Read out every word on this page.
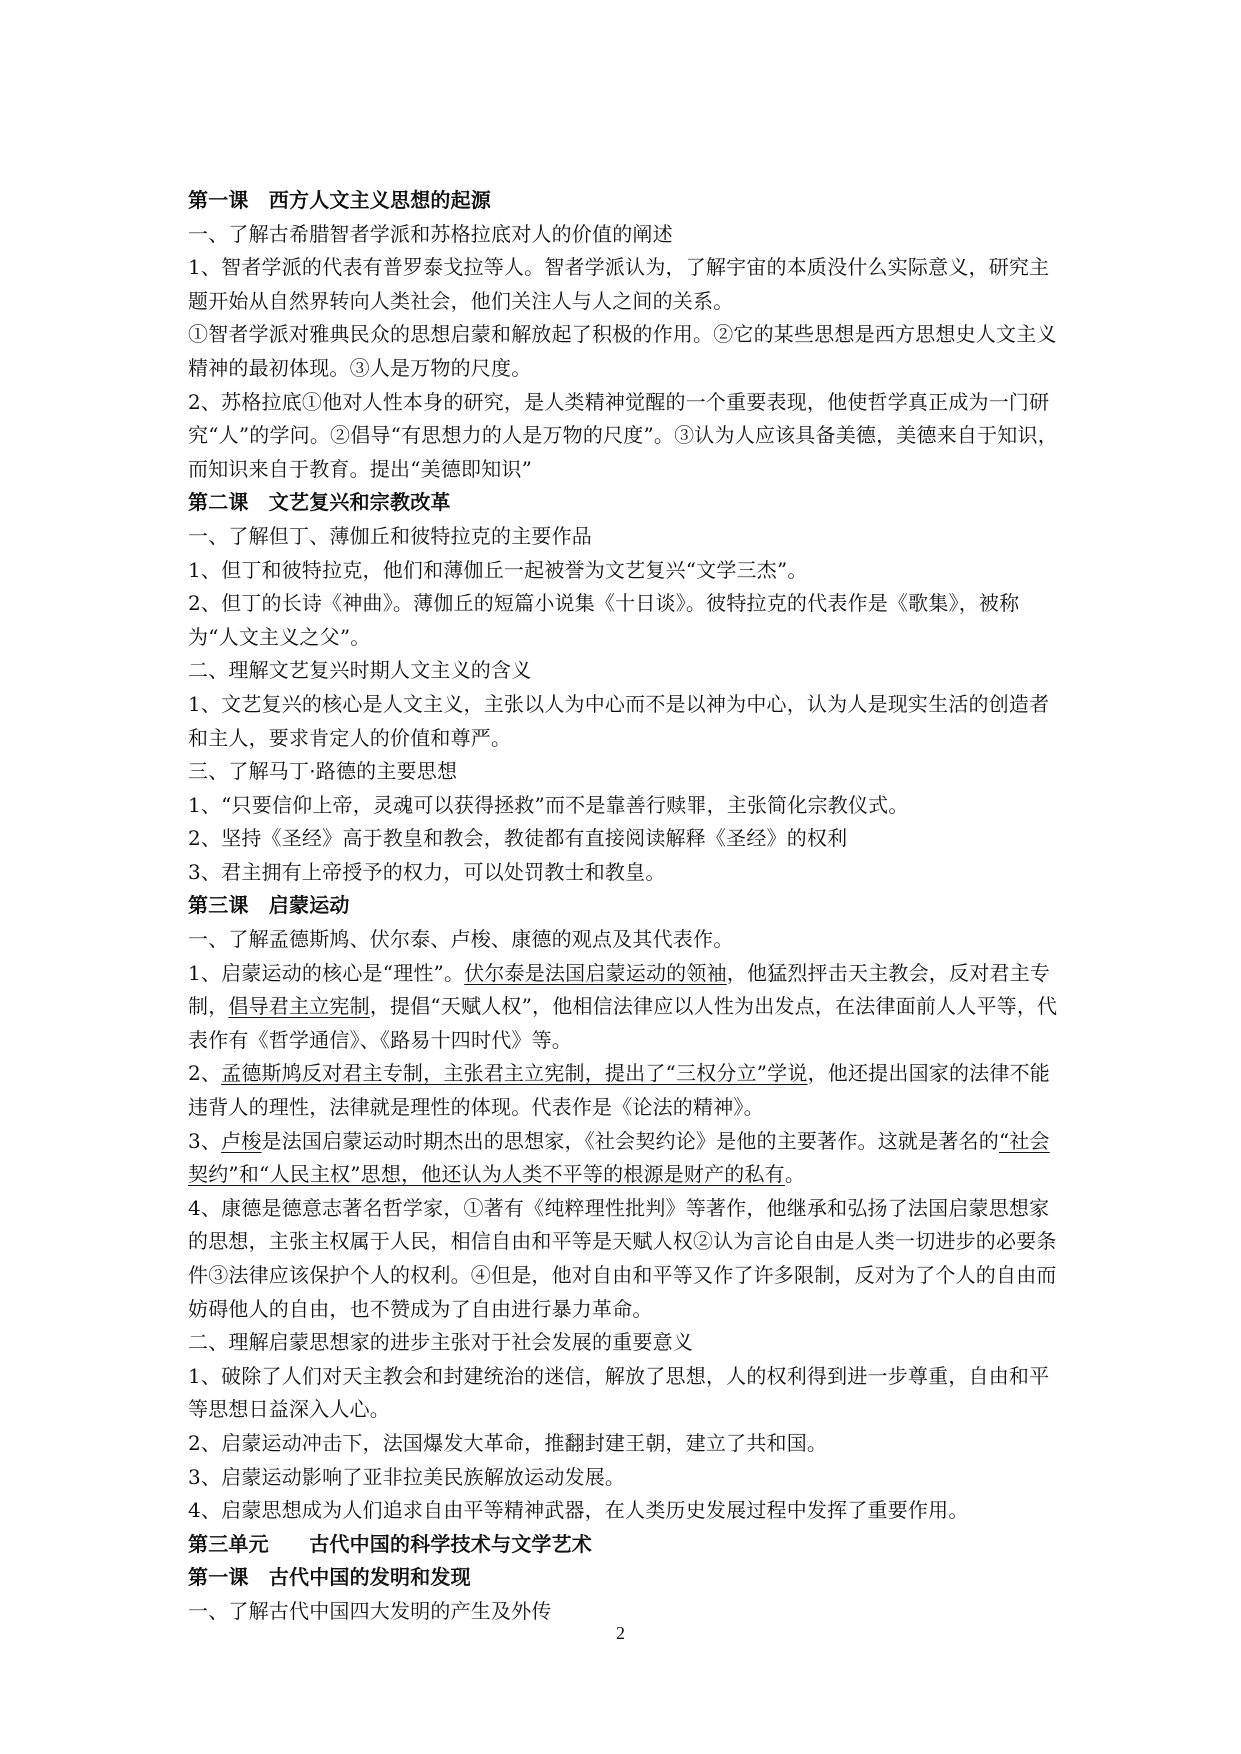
第一课　西方人文主义思想的起源
一、了解古希腊智者学派和苏格拉底对人的价值的阐述
1、智者学派的代表有普罗泰戈拉等人。智者学派认为，了解宇宙的本质没什么实际意义，研究主题开始从自然界转向人类社会，他们关注人与人之间的关系。
①智者学派对雅典民众的思想启蒙和解放起了积极的作用。②它的某些思想是西方思想史人文主义精神的最初体现。③人是万物的尺度。
2、苏格拉底①他对人性本身的研究，是人类精神觉醒的一个重要表现，他使哲学真正成为一门研究“人”的学问。②倡导“有思想力的人是万物的尺度”。③认为人应该具备美德，美德来自于知识，而知识来自于教育。提出“美德即知识”
第二课　文艺复兴和宗教改革
一、了解但丁、薄伽丘和彼特拉克的主要作品
1、但丁和彼特拉克，他们和薄伽丘一起被誉为文艺复兴“文学三杰”。
2、但丁的长诗《神曲》。薄伽丘的短篇小说集《十日谈》。彼特拉克的代表作是《歌集》，被称为“人文主义之父”。
二、理解文艺复兴时期人文主义的含义
1、文艺复兴的核心是人文主义，主张以人为中心而不是以神为中心，认为人是现实生活的创造者和主人，要求肯定人的价值和尊严。
三、了解马丁·路德的主要思想
1、“只要信仰上帝，灵魂可以获得拯救”而不是靠善行赎罪，主张简化宗教仪式。
2、坚持《圣经》高于教皇和教会，教徒都有直接阅读解释《圣经》的权利
3、君主拥有上帝授予的权力，可以处罚教士和教皇。
第三课　启蒙运动
一、了解孟德斯鸠、伏尔泰、卢梭、康德的观点及其代表作。
1、启蒙运动的核心是“理性”。伏尔泰是法国启蒙运动的领袖，他猛烈抨击天主教会，反对君主专制，倡导君主立宪制，提倡“天赋人权”，他相信法律应以人性为出发点，在法律面前人人平等，代表作有《哲学通信》、《路易十四时代》等。
2、孟德斯鸠反对君主专制，主张君主立宪制，提出了“三权分立”学说，他还提出国家的法律不能违背人的理性，法律就是理性的体现。代表作是《论法的精神》。
3、卢梭是法国启蒙运动时期杰出的思想家，《社会契约论》是他的主要著作。这就是著名的“社会契约”和“人民主权”思想，他还认为人类不平等的根源是财产的私有。
4、康德是德意志著名哲学家，①著有《纯粹理性批判》等著作，他继承和弘扬了法国启蒙思想家的思想，主张主权属于人民，相信自由和平等是天赋人权②认为言论自由是人类一切进步的必要条件③法律应该保护个人的权利。④但是，他对自由和平等又作了许多限制，反对为了个人的自由而妨碍他人的自由，也不赞成为了自由进行暴力革命。
二、理解启蒙思想家的进步主张对于社会发展的重要意义
1、破除了人们对天主教会和封建统治的迷信，解放了思想，人的权利得到进一步尊重，自由和平等思想日益深入人心。
2、启蒙运动冲击下，法国爆发大革命，推翻封建王朝，建立了共和国。
3、启蒙运动影响了亚非拉美民族解放运动发展。
4、启蒙思想成为人们追求自由平等精神武器，在人类历史发展过程中发挥了重要作用。
第三单元　　古代中国的科学技术与文学艺术
第一课　古代中国的发明和发现
一、了解古代中国四大发明的产生及外传
2
